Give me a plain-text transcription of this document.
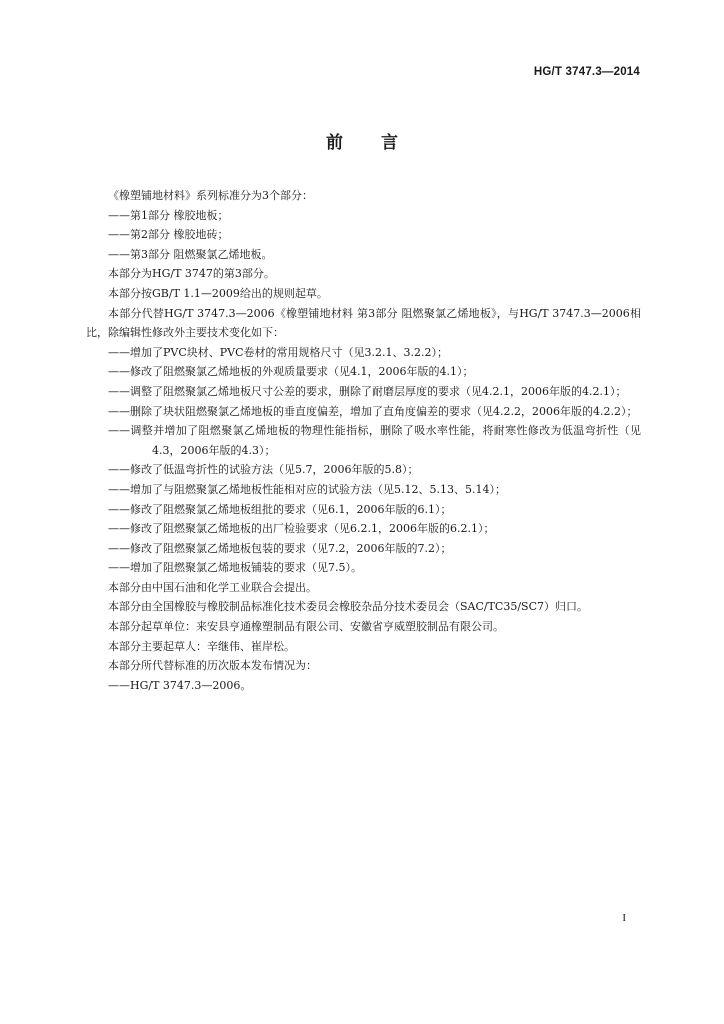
HG/T 3747.3—2014
前言

《橡塑铺地材料》系列标准分为3个部分：

——第1部分 橡胶地板；

——第2部分 橡胶地砖；

——第3部分 阻燃聚氯乙烯地板。

本部分为HG/T 3747的第3部分。

本部分按GB/T 1.1—2009给出的规则起草。

本部分代替HG/T 3747.3—2006《橡塑铺地材料 第3部分 阻燃聚氯乙烯地板》，与HG/T 3747.3—2006相比，除编辑性修改外主要技术变化如下：

——增加了PVC块材、PVC卷材的常用规格尺寸（见3.2.1、3.2.2）；

——修改了阻燃聚氯乙烯地板的外观质量要求（见4.1，2006年版的4.1）；

——调整了阻燃聚氯乙烯地板尺寸公差的要求，删除了耐磨层厚度的要求（见4.2.1，2006年版的4.2.1）；

——删除了块状阻燃聚氯乙烯地板的垂直度偏差，增加了直角度偏差的要求（见4.2.2，2006年版的4.2.2）；

——调整并增加了阻燃聚氯乙烯地板的物理性能指标，删除了吸水率性能，将耐寒性修改为低温弯折性（见4.3，2006年版的4.3）；

——修改了低温弯折性的试验方法（见5.7，2006年版的5.8）；

——增加了与阻燃聚氯乙烯地板性能相对应的试验方法（见5.12、5.13、5.14）；

——修改了阻燃聚氯乙烯地板组批的要求（见6.1，2006年版的6.1）；

——修改了阻燃聚氯乙烯地板的出厂检验要求（见6.2.1，2006年版的6.2.1）；

——修改了阻燃聚氯乙烯地板包装的要求（见7.2，2006年版的7.2）；

——增加了阻燃聚氯乙烯地板铺装的要求（见7.5）。

本部分由中国石油和化学工业联合会提出。

本部分由全国橡胶与橡胶制品标准化技术委员会橡胶杂品分技术委员会（SAC/TC35/SC7）归口。

本部分起草单位：来安县亨通橡塑制品有限公司、安徽省亨威塑胶制品有限公司。

本部分主要起草人：辛继伟、崔岸松。

本部分所代替标准的历次版本发布情况为：

——HG/T 3747.3—2006。

I
